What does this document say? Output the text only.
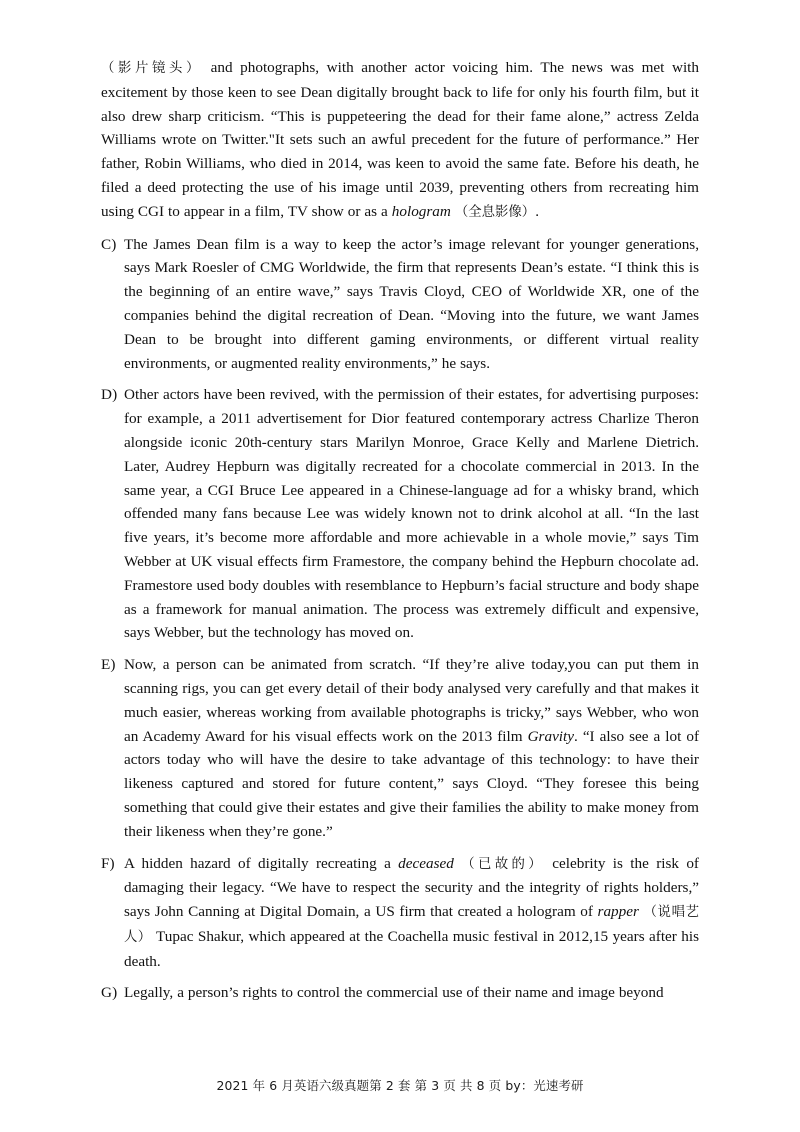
（影片镜头） and photographs, with another actor voicing him. The news was met with excitement by those keen to see Dean digitally brought back to life for only his fourth film, but it also drew sharp criticism. “This is puppeteering the dead for their fame alone,” actress Zelda Williams wrote on Twitter."It sets such an awful precedent for the future of performance.” Her father, Robin Williams, who died in 2014, was keen to avoid the same fate. Before his death, he filed a deed protecting the use of his image until 2039, preventing others from recreating him using CGI to appear in a film, TV show or as a hologram （全息影像）.
C) The James Dean film is a way to keep the actor’s image relevant for younger generations, says Mark Roesler of CMG Worldwide, the firm that represents Dean’s estate. “I think this is the beginning of an entire wave,” says Travis Cloyd, CEO of Worldwide XR, one of the companies behind the digital recreation of Dean. “Moving into the future, we want James Dean to be brought into different gaming environments, or different virtual reality environments, or augmented reality environments,” he says.
D) Other actors have been revived, with the permission of their estates, for advertising purposes: for example, a 2011 advertisement for Dior featured contemporary actress Charlize Theron alongside iconic 20th-century stars Marilyn Monroe, Grace Kelly and Marlene Dietrich. Later, Audrey Hepburn was digitally recreated for a chocolate commercial in 2013. In the same year, a CGI Bruce Lee appeared in a Chinese-language ad for a whisky brand, which offended many fans because Lee was widely known not to drink alcohol at all. “In the last five years, it’s become more affordable and more achievable in a whole movie,” says Tim Webber at UK visual effects firm Framestore, the company behind the Hepburn chocolate ad. Framestore used body doubles with resemblance to Hepburn’s facial structure and body shape as a framework for manual animation. The process was extremely difficult and expensive, says Webber, but the technology has moved on.
E) Now, a person can be animated from scratch. “If they’re alive today,you can put them in scanning rigs, you can get every detail of their body analysed very carefully and that makes it much easier, whereas working from available photographs is tricky,” says Webber, who won an Academy Award for his visual effects work on the 2013 film Gravity. “I also see a lot of actors today who will have the desire to take advantage of this technology: to have their likeness captured and stored for future content,” says Cloyd. “They foresee this being something that could give their estates and give their families the ability to make money from their likeness when they’re gone.”
F) A hidden hazard of digitally recreating a deceased （已故的） celebrity is the risk of damaging their legacy. “We have to respect the security and the integrity of rights holders,” says John Canning at Digital Domain, a US firm that created a hologram of rapper （说唱艺人） Tupac Shakur, which appeared at the Coachella music festival in 2012,15 years after his death.
G) Legally, a person’s rights to control the commercial use of their name and image beyond
2021 年 6 月英语六级真题第 2 套 第 3 页 共 8 页 by：光速考研
